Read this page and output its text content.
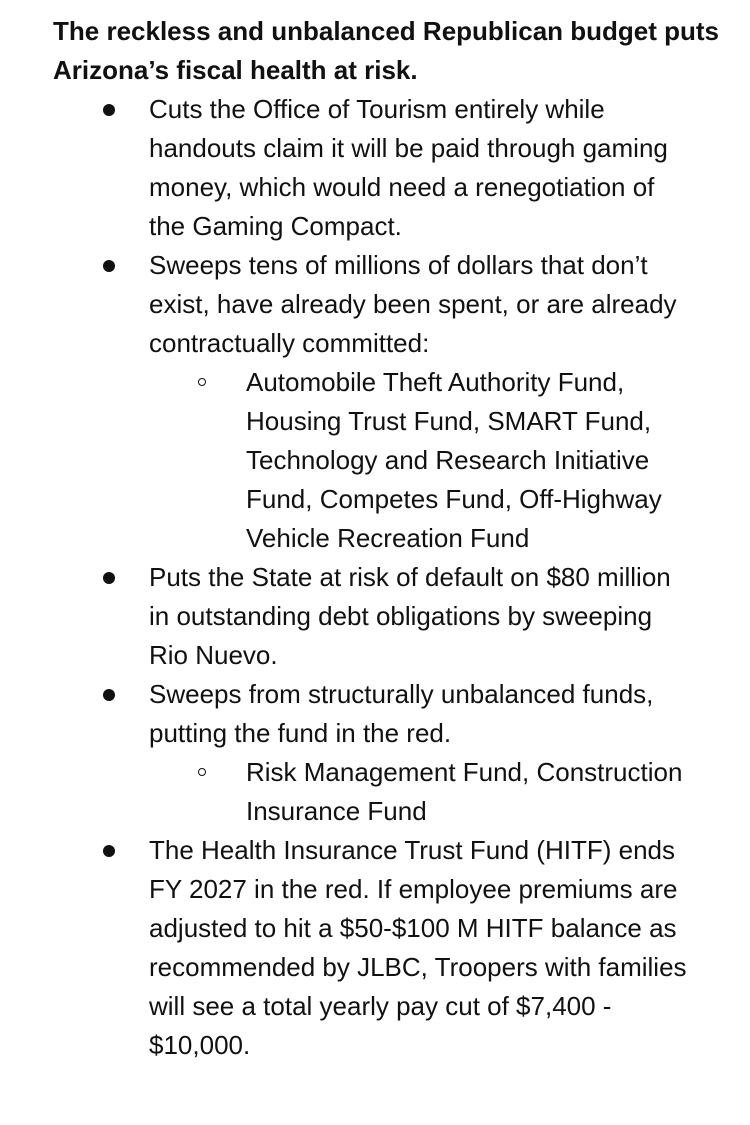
The reckless and unbalanced Republican budget puts Arizona’s fiscal health at risk.

Cuts the Office of Tourism entirely while handouts claim it will be paid through gaming money, which would need a renegotiation of the Gaming Compact.
Sweeps tens of millions of dollars that don’t exist, have already been spent, or are already contractually committed:
Automobile Theft Authority Fund, Housing Trust Fund, SMART Fund, Technology and Research Initiative Fund, Competes Fund, Off-Highway Vehicle Recreation Fund
Puts the State at risk of default on $80 million in outstanding debt obligations by sweeping Rio Nuevo.
Sweeps from structurally unbalanced funds, putting the fund in the red.
Risk Management Fund, Construction Insurance Fund
The Health Insurance Trust Fund (HITF) ends FY 2027 in the red. If employee premiums are adjusted to hit a $50-$100 M HITF balance as recommended by JLBC, Troopers with families will see a total yearly pay cut of $7,400 - $10,000.
